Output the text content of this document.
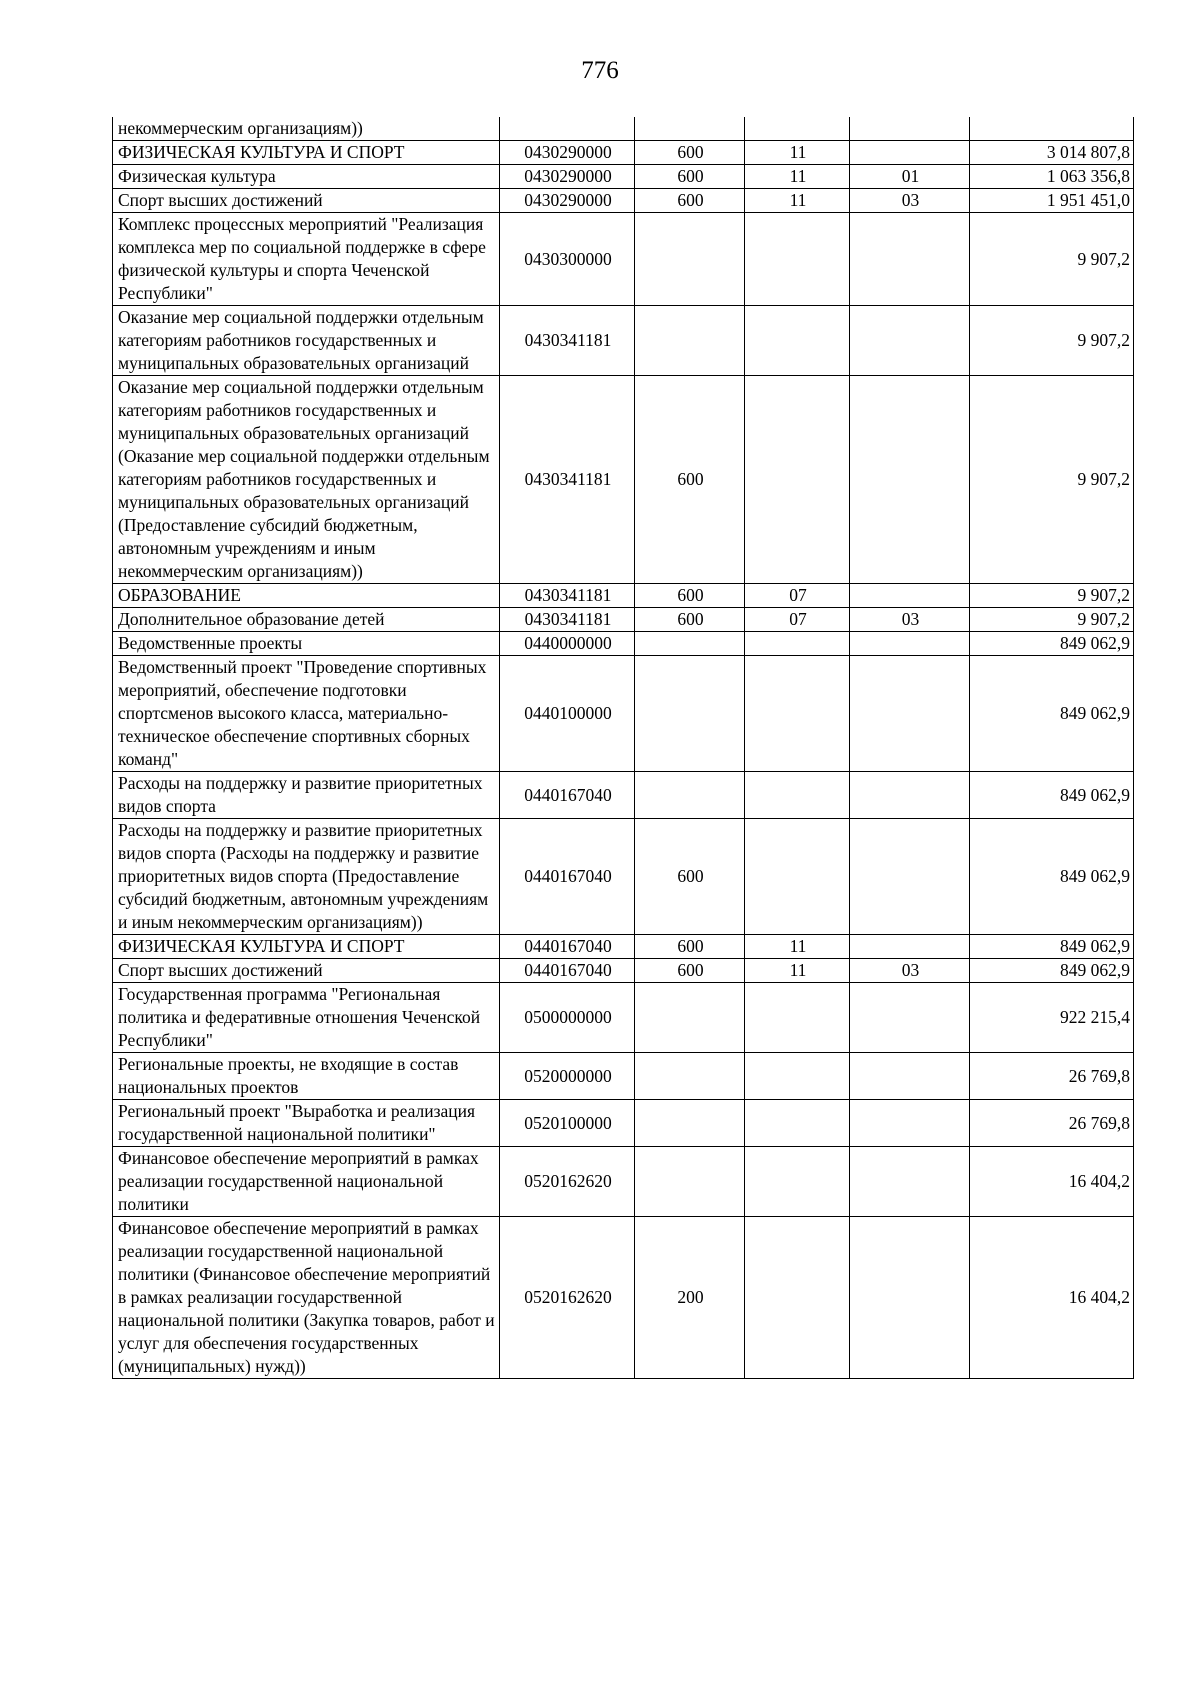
776
некоммерческим организациям))					
ФИЗИЧЕСКАЯ КУЛЬТУРА И СПОРТ	0430290000	600	11		3 014 807,8
Физическая культура	0430290000	600	11	01	1 063 356,8
Спорт высших достижений	0430290000	600	11	03	1 951 451,0
Комплекс процессных мероприятий "Реализация комплекса мер по социальной поддержке в сфере физической культуры и спорта Чеченской Республики"	0430300000				9 907,2
Оказание мер социальной поддержки отдельным категориям работников государственных и муниципальных образовательных организаций	0430341181				9 907,2
Оказание мер социальной поддержки отдельным категориям работников государственных и муниципальных образовательных организаций (Оказание мер социальной поддержки отдельным категориям работников государственных и муниципальных образовательных организаций (Предоставление субсидий бюджетным, автономным учреждениям и иным некоммерческим организациям))	0430341181	600			9 907,2
ОБРАЗОВАНИЕ	0430341181	600	07		9 907,2
Дополнительное образование детей	0430341181	600	07	03	9 907,2
Ведомственные проекты	0440000000				849 062,9
Ведомственный проект "Проведение спортивных мероприятий, обеспечение подготовки спортсменов высокого класса, материально-техническое обеспечение спортивных сборных команд"	0440100000				849 062,9
Расходы на поддержку и развитие приоритетных видов спорта	0440167040				849 062,9
Расходы на поддержку и развитие приоритетных видов спорта (Расходы на поддержку и развитие приоритетных видов спорта (Предоставление субсидий бюджетным, автономным учреждениям и иным некоммерческим организациям))	0440167040	600			849 062,9
ФИЗИЧЕСКАЯ КУЛЬТУРА И СПОРТ	0440167040	600	11		849 062,9
Спорт высших достижений	0440167040	600	11	03	849 062,9
Государственная программа "Региональная политика и федеративные отношения Чеченской Республики"	0500000000				922 215,4
Региональные проекты, не входящие в состав национальных проектов	0520000000				26 769,8
Региональный проект "Выработка и реализация государственной национальной политики"	0520100000				26 769,8
Финансовое обеспечение мероприятий в рамках реализации государственной национальной политики	0520162620				16 404,2
Финансовое обеспечение мероприятий в рамках реализации государственной национальной политики (Финансовое обеспечение мероприятий в рамках реализации государственной национальной политики (Закупка товаров, работ и услуг для обеспечения государственных (муниципальных) нужд))	0520162620	200			16 404,2
